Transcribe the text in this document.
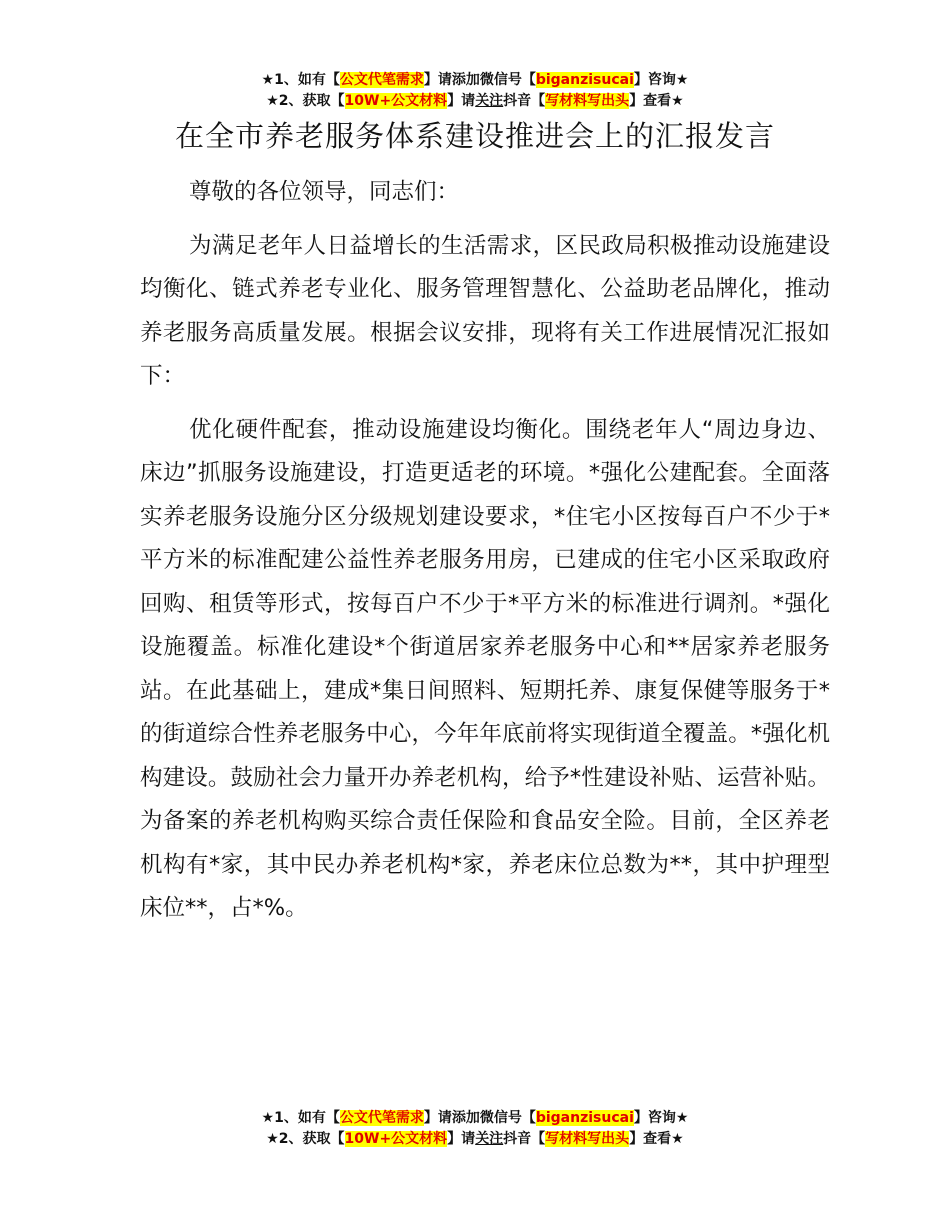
★1、如有【公文代笔需求】请添加微信号【biganzisucai】咨询★
★2、获取【10W+公文材料】请关注抖音【写材料写出头】查看★
在全市养老服务体系建设推进会上的汇报发言

尊敬的各位领导，同志们：

为满足老年人日益增长的生活需求，区民政局积极推动设施建设均衡化、链式养老专业化、服务管理智慧化、公益助老品牌化，推动养老服务高质量发展。根据会议安排，现将有关工作进展情况汇报如下：

优化硬件配套，推动设施建设均衡化。围绕老年人“周边身边、床边”抓服务设施建设，打造更适老的环境。*强化公建配套。全面落实养老服务设施分区分级规划建设要求，*住宅小区按每百户不少于*平方米的标准配建公益性养老服务用房，已建成的住宅小区采取政府回购、租赁等形式，按每百户不少于*平方米的标准进行调剂。*强化设施覆盖。标准化建设*个街道居家养老服务中心和**居家养老服务站。在此基础上，建成*集日间照料、短期托养、康复保健等服务于*的街道综合性养老服务中心，今年年底前将实现街道全覆盖。*强化机构建设。鼓励社会力量开办养老机构，给予*性建设补贴、运营补贴。为备案的养老机构购买综合责任保险和食品安全险。目前，全区养老机构有*家，其中民办养老机构*家，养老床位总数为**，其中护理型床位**，占*%。

★1、如有【公文代笔需求】请添加微信号【biganzisucai】咨询★
★2、获取【10W+公文材料】请关注抖音【写材料写出头】查看★
